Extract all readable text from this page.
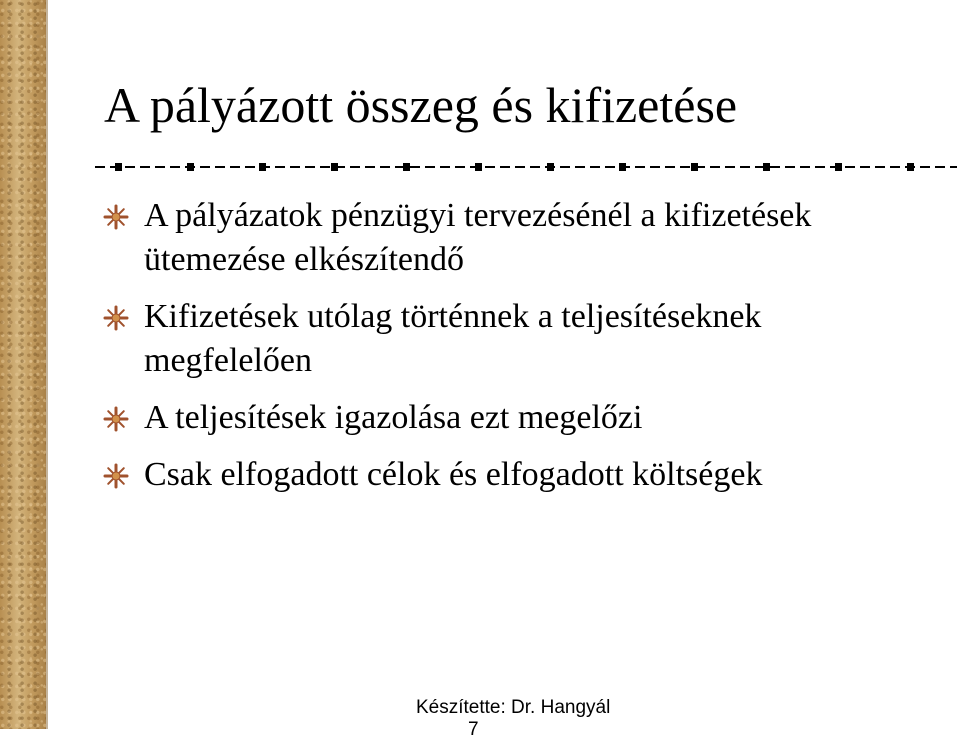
A pályázott összeg és kifizetése
A pályázatok pénzügyi tervezésénél a kifizetések ütemezése elkészítendő
Kifizetések utólag történnek a teljesítéseknek megfelelően
A teljesítések igazolása ezt megelőzi
Csak elfogadott célok és elfogadott költségek
Készítette: Dr. Hangyál
7
